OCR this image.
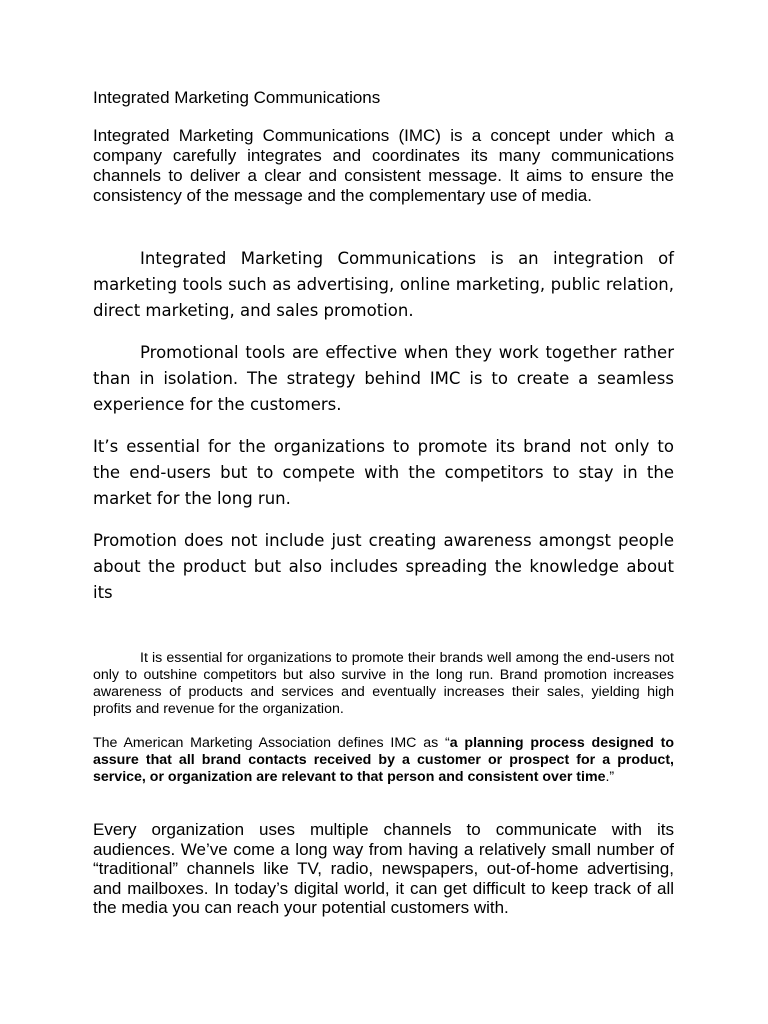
Integrated Marketing Communications

Integrated Marketing Communications (IMC) is a concept under which a company carefully integrates and coordinates its many communications channels to deliver a clear and consistent message. It aims to ensure the consistency of the message and the complementary use of media.

Integrated Marketing Communications is an integration of marketing tools such as advertising, online marketing, public relation, direct marketing, and sales promotion.

Promotional tools are effective when they work together rather than in isolation. The strategy behind IMC is to create a seamless experience for the customers.

It’s essential for the organizations to promote its brand not only to the end-users but to compete with the competitors to stay in the market for the long run.

Promotion does not include just creating awareness amongst people about the product but also includes spreading the knowledge about its

It is essential for organizations to promote their brands well among the end-users not only to outshine competitors but also survive in the long run. Brand promotion increases awareness of products and services and eventually increases their sales, yielding high profits and revenue for the organization.

The American Marketing Association defines IMC as “a planning process designed to assure that all brand contacts received by a customer or prospect for a product, service, or organization are relevant to that person and consistent over time.”

Every organization uses multiple channels to communicate with its audiences. We’ve come a long way from having a relatively small number of “traditional” channels like TV, radio, newspapers, out-of-home advertising, and mailboxes. In today’s digital world, it can get difficult to keep track of all the media you can reach your potential customers with.
